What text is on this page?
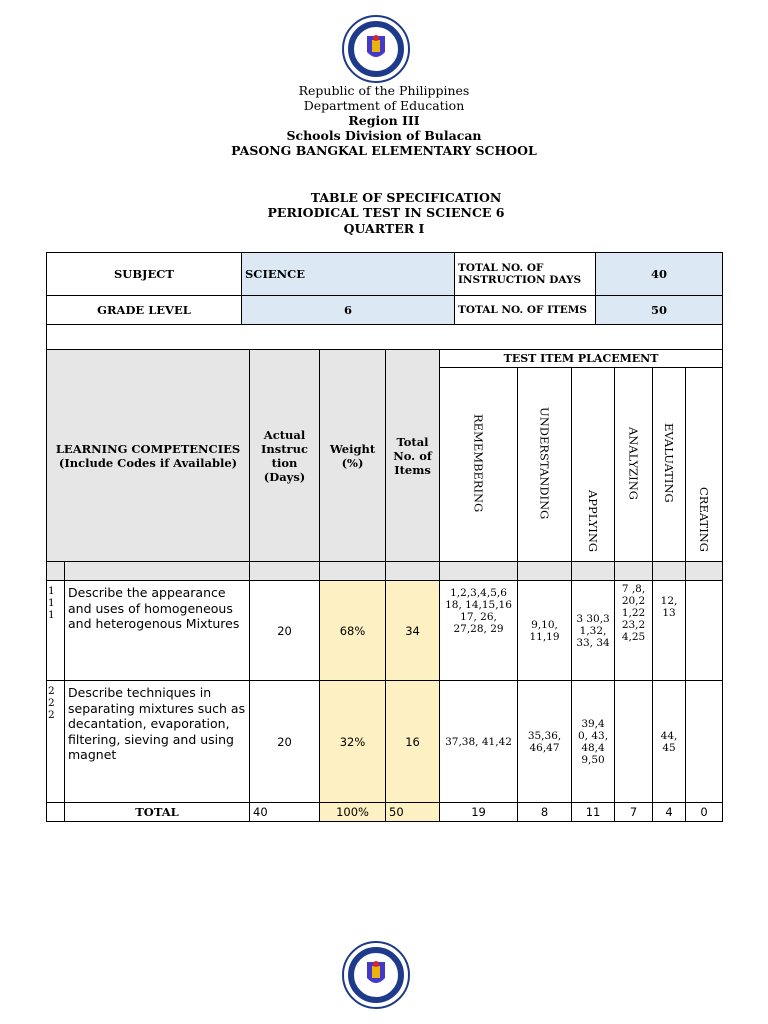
Republic of the Philippines
Department of Education
Region III
Schools Division of Bulacan
PASONG BANGKAL ELEMENTARY SCHOOL
TABLE OF SPECIFICATION
PERIODICAL TEST IN SCIENCE 6
QUARTER I
SUBJECT	SCIENCE	TOTAL NO. OF INSTRUCTION DAYS	40
GRADE LEVEL	6	TOTAL NO. OF ITEMS	50

LEARNING COMPETENCIES (Include Codes if Available)		Actual Instruc tion (Days)	Weight (%)	Total No. of Items	TEST ITEM PLACEMENT					
					REMEMBERING	UNDERSTANDING	APPLYING	ANALYZING	EVALUATING	CREATING

1 1 1	Describe the appearance and uses of homogeneous and heterogenous Mixtures	20	68%	34	1,2,3,4,5,6 18, 14,15,16 17, 26, 27,28, 29	9,10, 11,19	3 30,3 1,32, 33, 34	7 ,8, 20,2 1,22 23,2 4,25	12, 13	
2 2 2	Describe techniques in separating mixtures such as decantation, evaporation, filtering, sieving and using magnet	20	32%	16	37,38, 41,42	35,36, 46,47	39,4 0, 43, 48,4 9,50		44, 45	
	TOTAL	40	100%	50	19	8	11	7	4	0
